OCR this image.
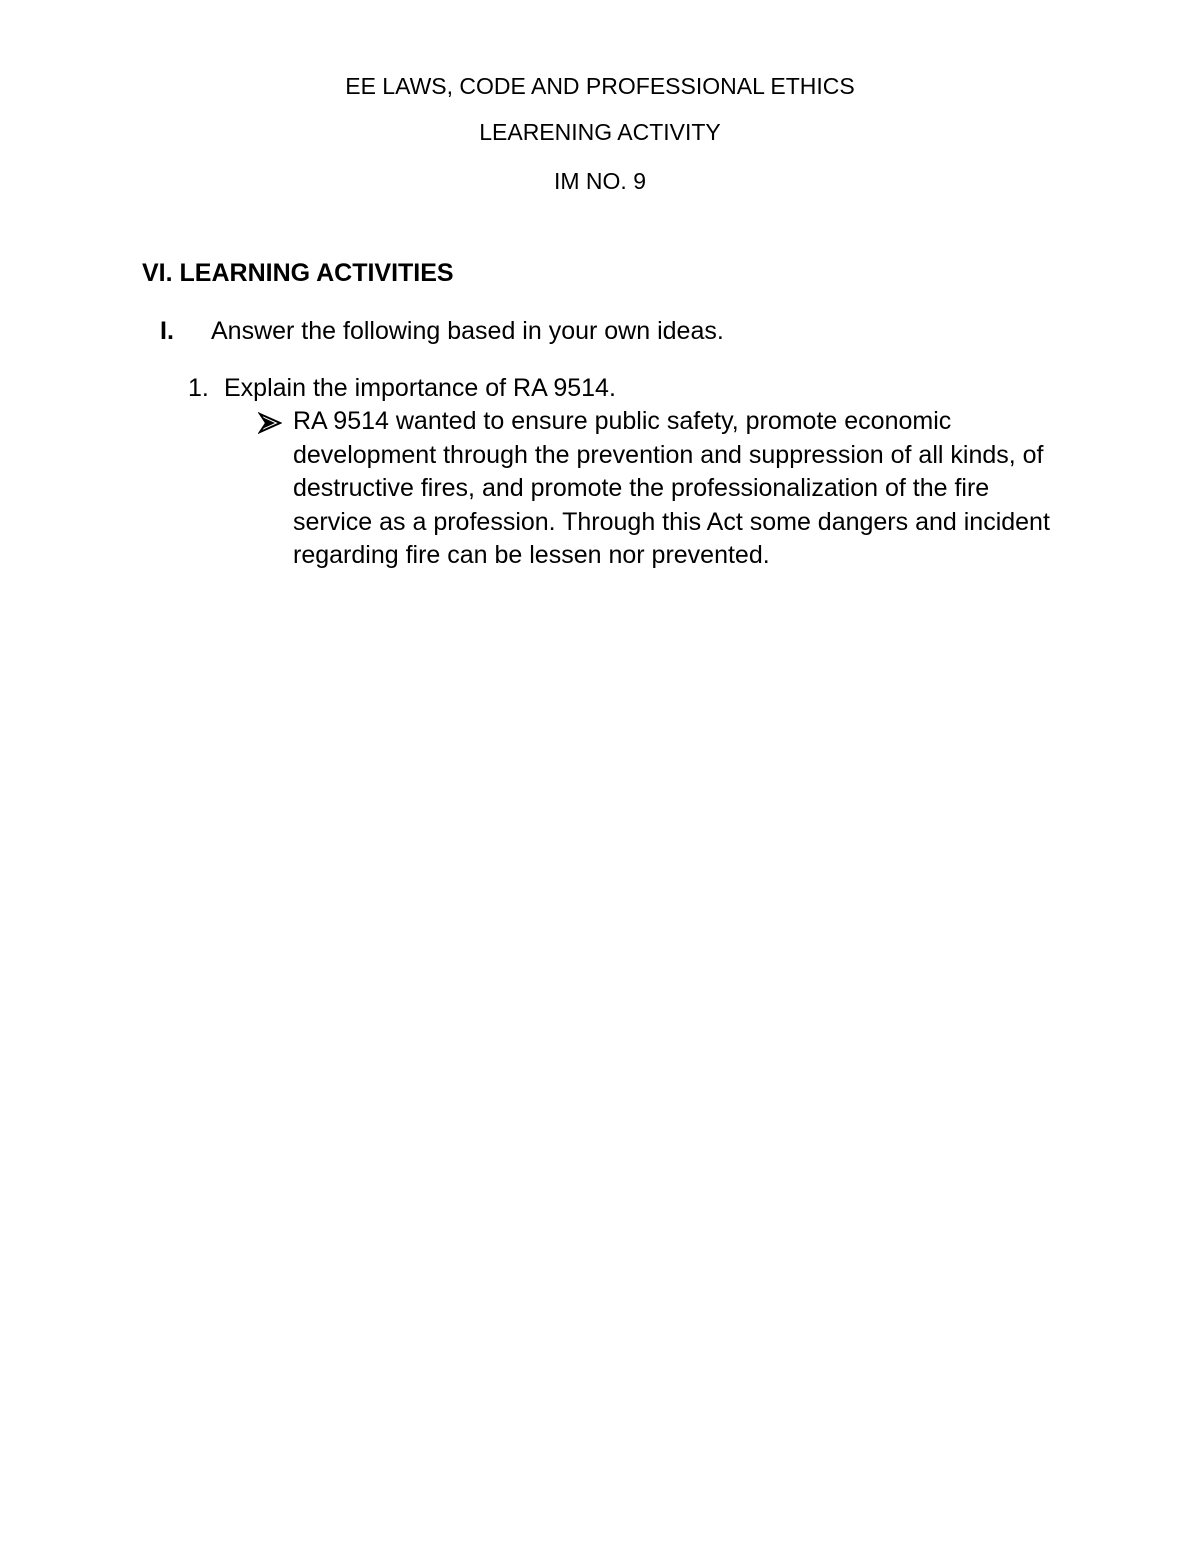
EE LAWS, CODE AND PROFESSIONAL ETHICS
LEARENING ACTIVITY
IM NO. 9
VI. LEARNING ACTIVITIES
I. Answer the following based in your own ideas.
1. Explain the importance of RA 9514.
RA 9514 wanted to ensure public safety, promote economic
development through the prevention and suppression of all kinds, of
destructive fires, and promote the professionalization of the fire
service as a profession. Through this Act some dangers and incident
regarding fire can be lessen nor prevented.
